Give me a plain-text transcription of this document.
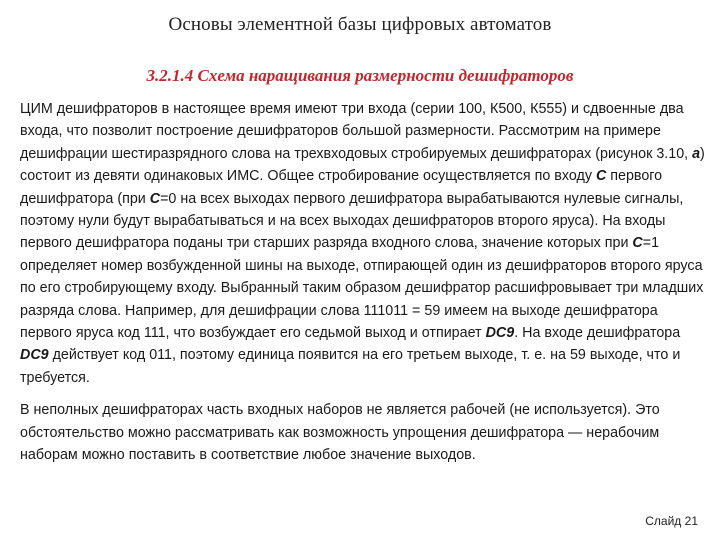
Основы элементной базы цифровых автоматов
3.2.1.4 Схема наращивания размерности дешифраторов

ЦИМ дешифраторов в настоящее время имеют три входа (серии 100, К500, К555) и сдвоенные два входа, что позволит построение дешифраторов большой размерности. Рассмотрим на примере дешифрации шестиразрядного слова на трехвходовых стробируемых дешифраторах (рисунок 3.10, а) состоит из девяти одинаковых ИМС. Общее стробирование осуществляется по входу С первого дешифратора (при С=0 на всех выходах первого дешифратора вырабатываются нулевые сигналы, поэтому нули будут вырабатываться и на всех выходах дешифраторов второго яруса). На входы первого дешифратора поданы три старших разряда входного слова, значение которых при С=1 определяет номер возбужденной шины на выходе, отпирающей один из дешифраторов второго яруса по его стробирующему входу. Выбранный таким образом дешифратор расшифровывает три младших разряда слова. Например, для дешифрации слова 111011 = 59 имеем на выходе дешифратора первого яруса код 111, что возбуждает его седьмой выход и отпирает DC9. На входе дешифратора DC9 действует код 011, поэтому единица появится на его третьем выходе, т. е. на 59 выходе, что и требуется.

В неполных дешифраторах часть входных наборов не является рабочей (не используется). Это обстоятельство можно рассматривать как возможность упрощения дешифратора — нерабочим наборам можно поставить в соответствие любое значение выходов.

Слайд 21
